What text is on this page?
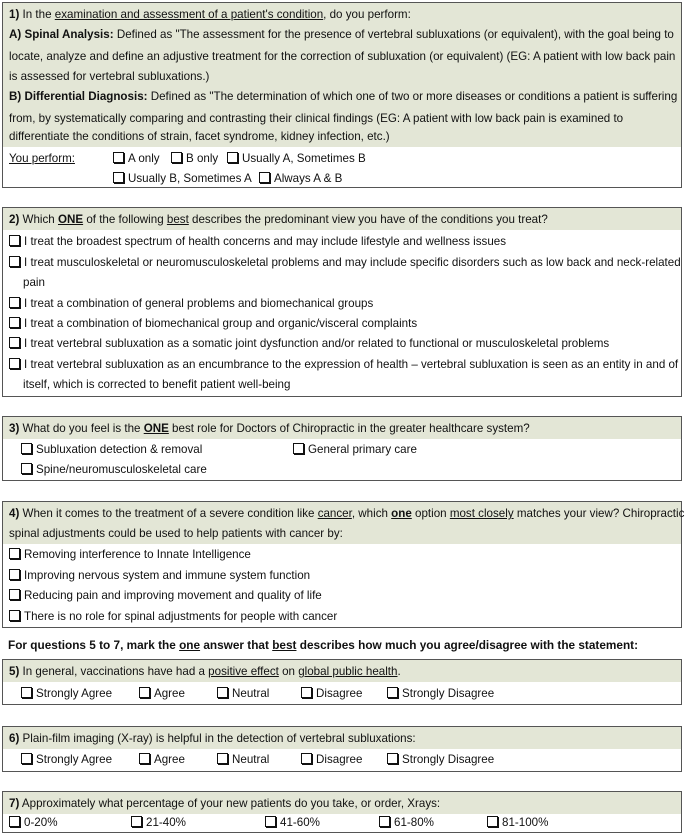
1) In the examination and assessment of a patient's condition, do you perform:
A) Spinal Analysis: Defined as "The assessment for the presence of vertebral subluxations (or equivalent), with the goal being to
locate, analyze and define an adjustive treatment for the correction of subluxation (or equivalent) (EG: A patient with low back pain
is assessed for vertebral subluxations.)
B) Differential Diagnosis: Defined as "The determination of which one of two or more diseases or conditions a patient is suffering
from, by systematically comparing and contrasting their clinical findings (EG: A patient with low back pain is examined to
differentiate the conditions of strain, facet syndrome, kidney infection, etc.)
You perform:	A only	B only	Usually A, Sometimes B
Usually B, Sometimes A	Always A & B
2) Which ONE of the following best describes the predominant view you have of the conditions you treat?
I treat the broadest spectrum of health concerns and may include lifestyle and wellness issues
I treat musculoskeletal or neuromusculoskeletal problems and may include specific disorders such as low back and neck-related
pain
I treat a combination of general problems and biomechanical groups
I treat a combination of biomechanical group and organic/visceral complaints
I treat vertebral subluxation as a somatic joint dysfunction and/or related to functional or musculoskeletal problems
I treat vertebral subluxation as an encumbrance to the expression of health – vertebral subluxation is seen as an entity in and of
itself, which is corrected to benefit patient well-being
3) What do you feel is the ONE best role for Doctors of Chiropractic in the greater healthcare system?
Subluxation detection & removal	General primary care
Spine/neuromusculoskeletal care
4) When it comes to the treatment of a severe condition like cancer, which one option most closely matches your view? Chiropractic
spinal adjustments could be used to help patients with cancer by:
Removing interference to Innate Intelligence
Improving nervous system and immune system function
Reducing pain and improving movement and quality of life
There is no role for spinal adjustments for people with cancer
For questions 5 to 7, mark the one answer that best describes how much you agree/disagree with the statement:
5) In general, vaccinations have had a positive effect on global public health.
Strongly Agree	Agree	Neutral	Disagree	Strongly Disagree
6) Plain-film imaging (X-ray) is helpful in the detection of vertebral subluxations:
Strongly Agree	Agree	Neutral	Disagree	Strongly Disagree
7) Approximately what percentage of your new patients do you take, or order, Xrays:
0-20%	21-40%	41-60%	61-80%	81-100%
